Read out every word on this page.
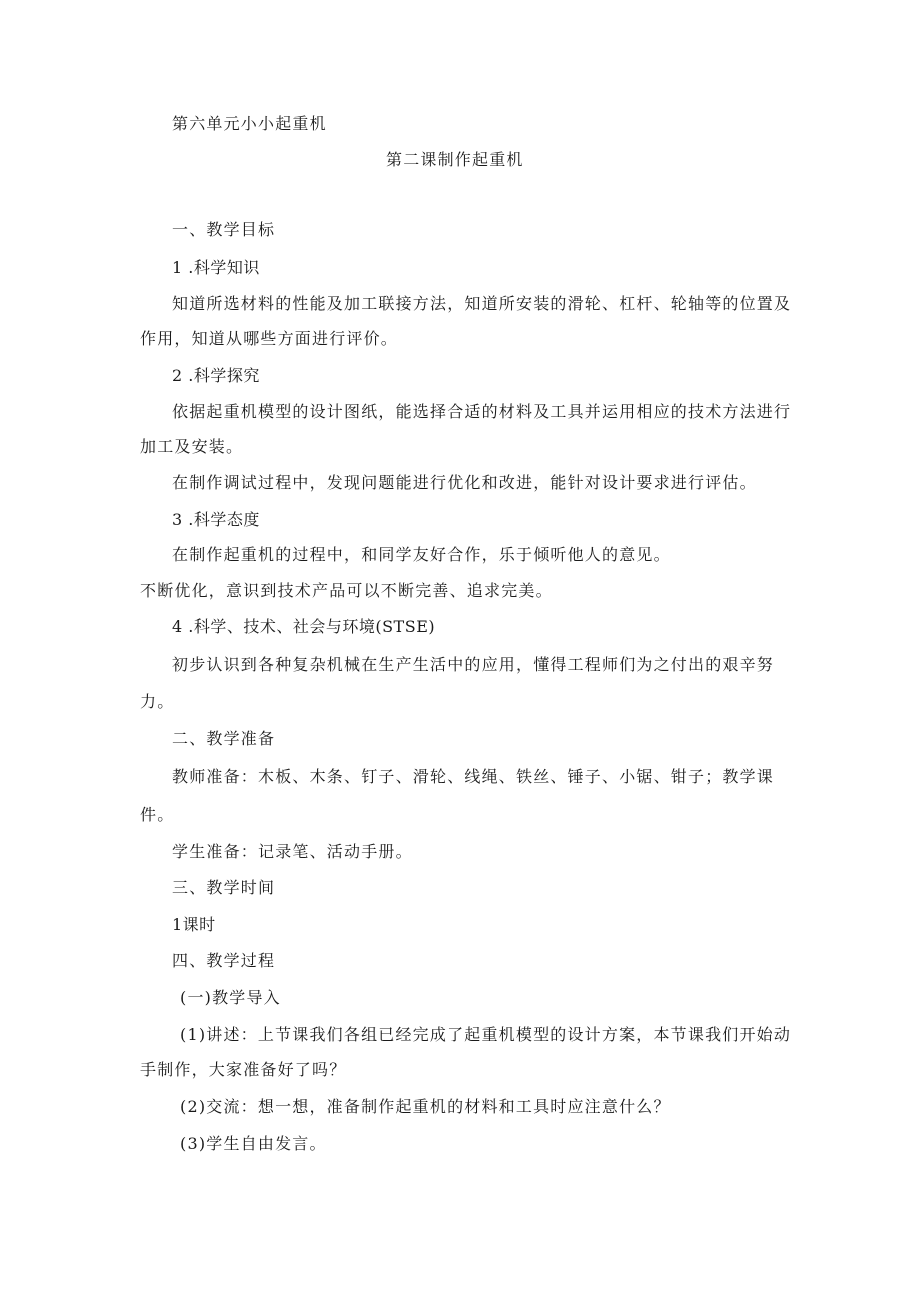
第六单元小小起重机
第二课制作起重机
一、教学目标
1 .科学知识
知道所选材料的性能及加工联接方法，知道所安装的滑轮、杠杆、轮轴等的位置及
作用，知道从哪些方面进行评价。
2 .科学探究
依据起重机模型的设计图纸，能选择合适的材料及工具并运用相应的技术方法进行
加工及安装。
在制作调试过程中，发现问题能进行优化和改进，能针对设计要求进行评估。
3 .科学态度
在制作起重机的过程中，和同学友好合作，乐于倾听他人的意见。
不断优化，意识到技术产品可以不断完善、追求完美。
4 .科学、技术、社会与环境(STSE)
初步认识到各种复杂机械在生产生活中的应用，懂得工程师们为之付出的艰辛努
力。
二、教学准备
教师准备：木板、木条、钉子、滑轮、线绳、铁丝、锤子、小锯、钳子；教学课
件。
学生准备：记录笔、活动手册。
三、教学时间
1课时
四、教学过程
(一)教学导入
(1)讲述：上节课我们各组已经完成了起重机模型的设计方案，本节课我们开始动
手制作，大家准备好了吗？
(2)交流：想一想，准备制作起重机的材料和工具时应注意什么？
(3)学生自由发言。
